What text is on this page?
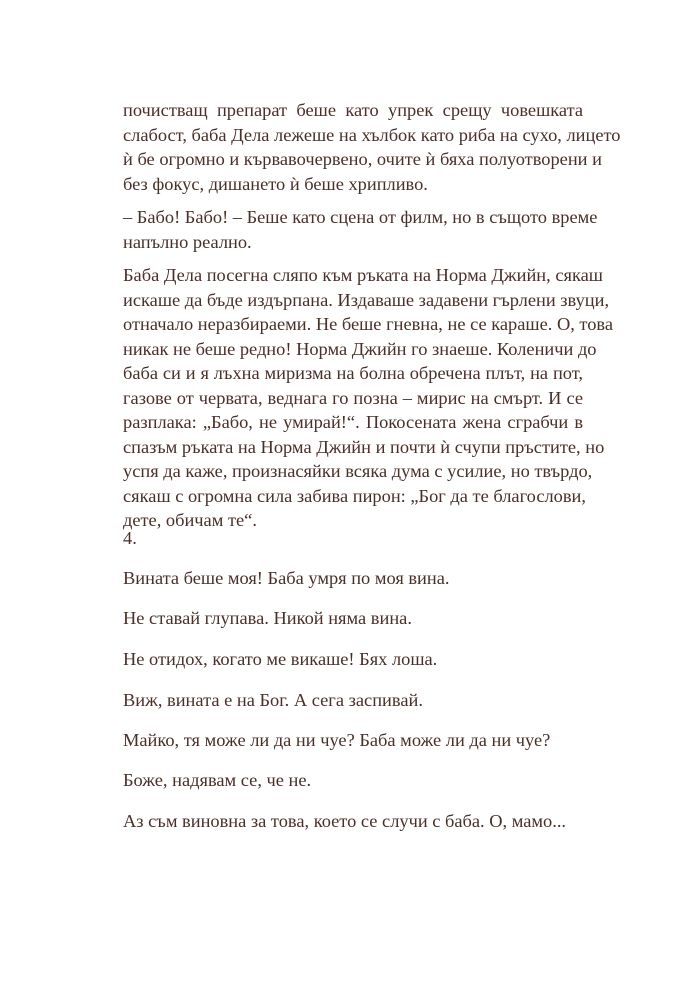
почистващ препарат беше като упрек срещу човешката
слабост, баба Дела лежеше на хълбок като риба на сухо, лицето
ѝ бе огромно и кървавочервено, очите ѝ бяха полуотворени и
без фокус, дишането ѝ беше хрипливо.
– Бабо! Бабо! – Беше като сцена от филм, но в същото време
напълно реално.
Баба Дела посегна сляпо към ръката на Норма Джийн, сякаш
искаше да бъде издърпана. Издаваше задавени гърлени звуци,
отначало неразбираеми. Не беше гневна, не се караше. О, това
никак не беше редно! Норма Джийн го знаеше. Коленичи до
баба си и я лъхна миризма на болна обречена плът, на пот,
газове от червата, веднага го позна – мирис на смърт. И се
разплака: „Бабо, не умирай!“. Покосената жена сграбчи в
спазъм ръката на Норма Джийн и почти ѝ счупи пръстите, но
успя да каже, произнасяйки всяка дума с усилие, но твърдо,
сякаш с огромна сила забива пирон: „Бог да те благослови,
дете, обичам те“.
4.
Вината беше моя! Баба умря по моя вина.
Не ставай глупава. Никой няма вина.
Не отидох, когато ме викаше! Бях лоша.
Виж, вината е на Бог. А сега заспивай.
Майко, тя може ли да ни чуе? Баба може ли да ни чуе?
Боже, надявам се, че не.
Аз съм виновна за това, което се случи с баба. О, мамо...
